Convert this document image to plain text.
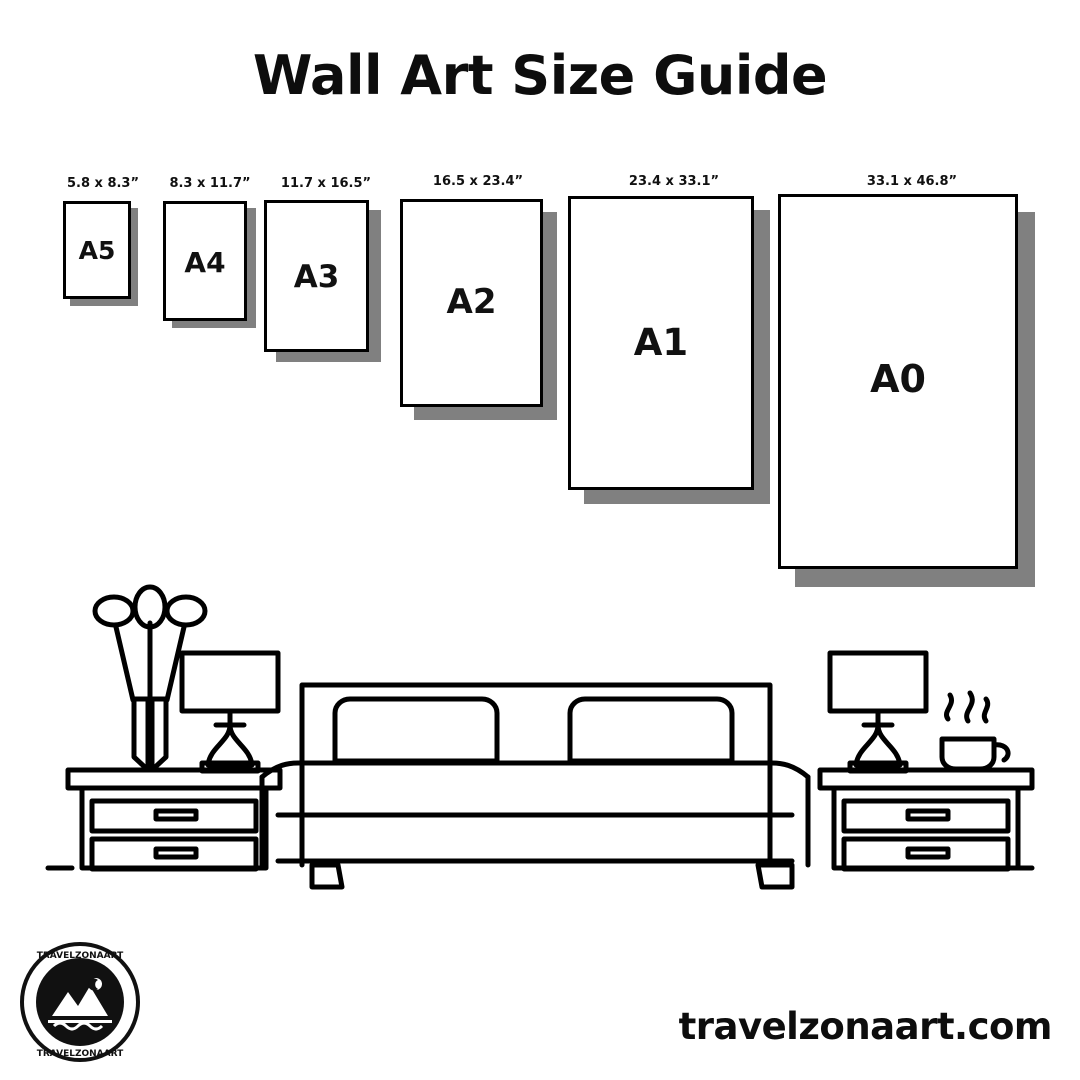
Wall Art Size Guide
5.8 x 8.3”
A5
8.3 x 11.7”
A4
11.7 x 16.5”
A3
16.5 x 23.4”
A2
23.4 x 33.1”
A1
33.1 x 46.8”
A0
TRAVELZONAART
TRAVELZONAART
travelzonaart.com
